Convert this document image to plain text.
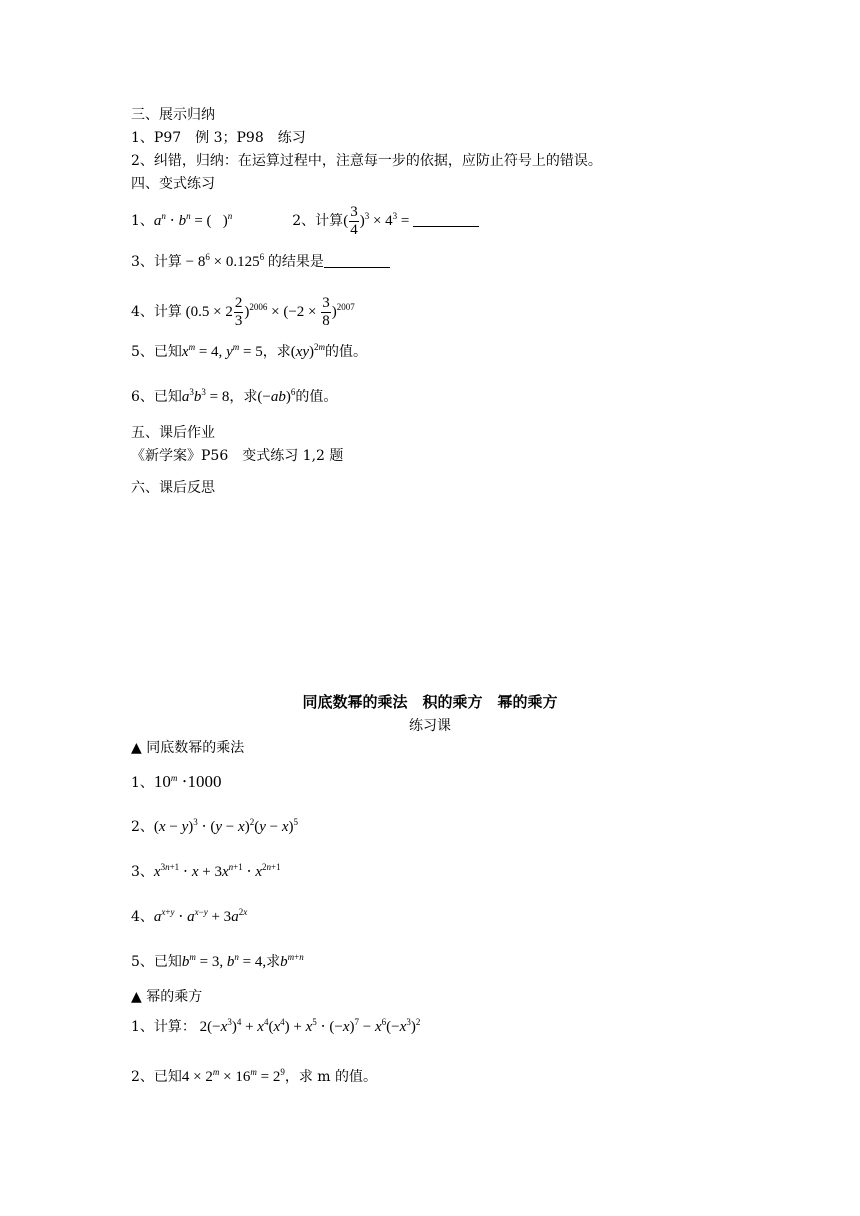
三、展示归纳
1、P97　例 3；P98　练习
2、纠错，归纳：在运算过程中，注意每一步的依据，应防止符号上的错误。
四、变式练习
1、$a^n \cdot b^n$ = (   )$^n$	2、计算( $\frac{3}{4} )^3 \times 4^3$ =
3、计算 − $8^6 \times 0.125^6$ 的结果是
4、计算 $(0.5 \times 2 \frac{2}{3} )^{2006} \times (-2 \times \frac{3}{8} )^{2007}$
5、已知$x^m = 4$, $y^m = 5$，求(xy)$^{2m}$的值。
6、已知$a^3b^3 = 8$，求$(-ab)^6$的值。
五、课后作业
《新学案》P56　变式练习 1,2 题
六、课后反思
同底数幂的乘法　积的乘方　幂的乘方
练习课
▲ 同底数幂的乘法
1、$10^m \cdot 1000$
2、$(x - y)^3 \cdot (y - x)^2(y - x)^5$
3、$x^{3n+1} \cdot x + 3x^{n+1} \cdot x^{2n+1}$
4、$a^{x+y} \cdot a^{x-y} + 3a^{2x}$
5、已知$b^m = 3$, $b^n = 4$,求$b^{m+n}$
▲ 幂的乘方
1、计算： $2(-x^3)^4 + x^4(x^4) + x^5 \cdot (-x)^7 - x^6(-x^3)^2$
2、已知$4 \times 2^m \times 16^m = 2^9$，求 m 的值。
